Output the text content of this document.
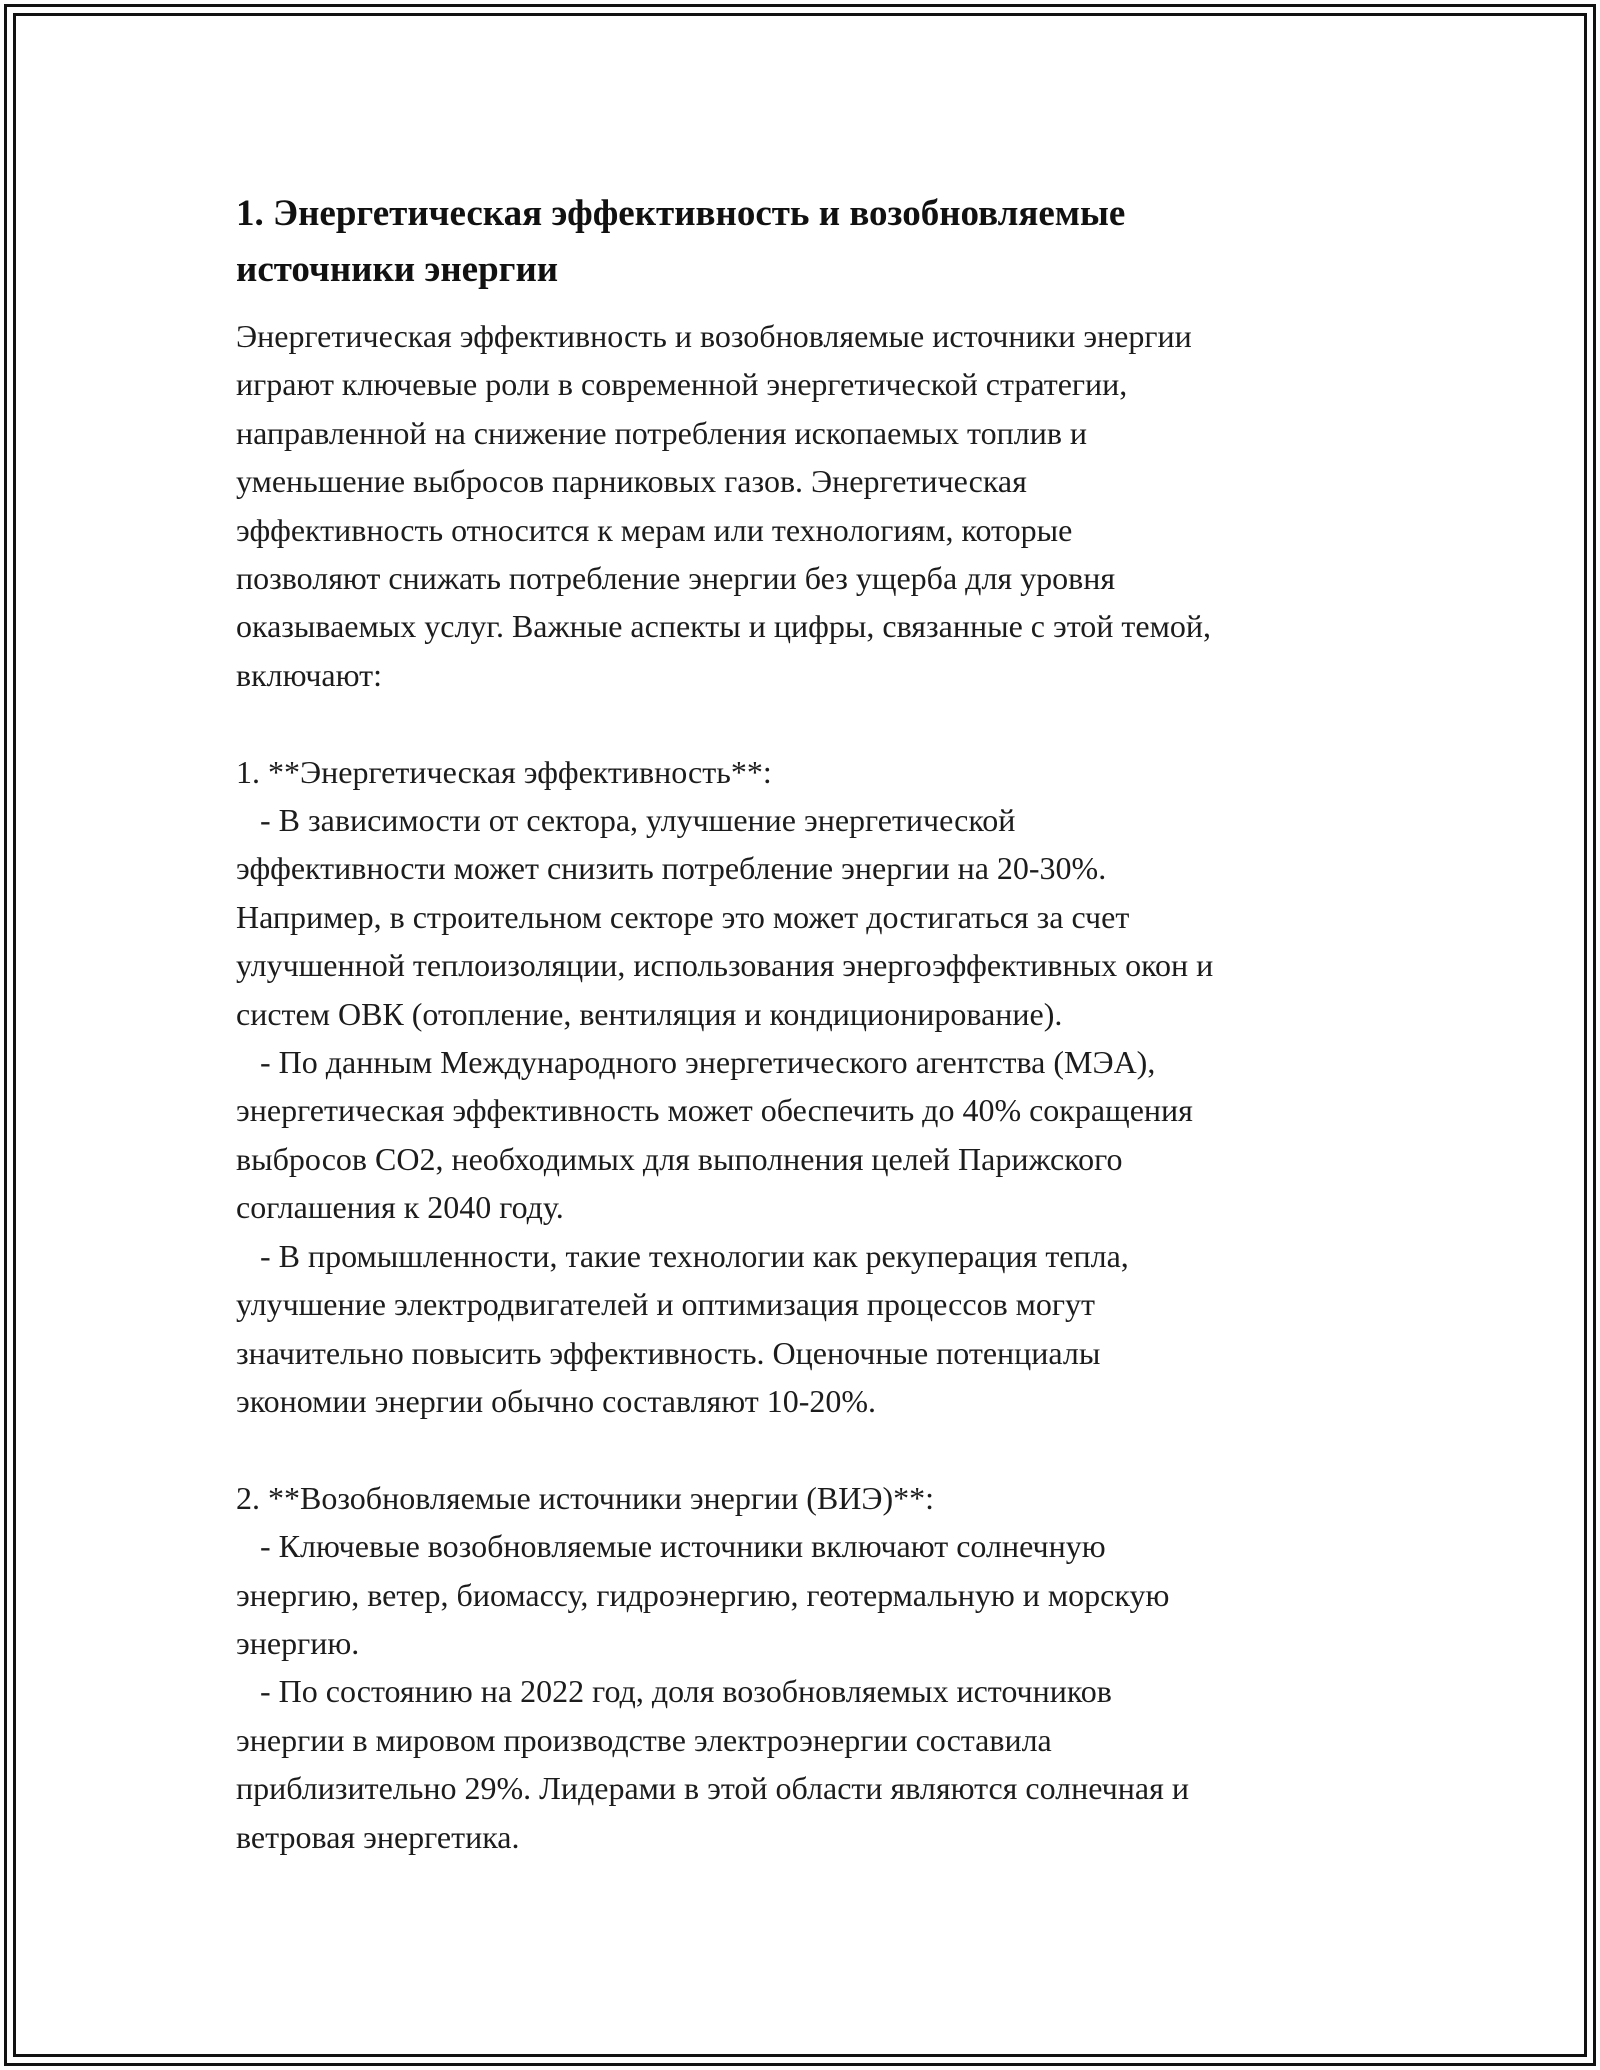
1. Энергетическая эффективность и возобновляемые
источники энергии
Энергетическая эффективность и возобновляемые источники энергии
играют ключевые роли в современной энергетической стратегии,
направленной на снижение потребления ископаемых топлив и
уменьшение выбросов парниковых газов. Энергетическая
эффективность относится к мерам или технологиям, которые
позволяют снижать потребление энергии без ущерба для уровня
оказываемых услуг. Важные аспекты и цифры, связанные с этой темой,
включают:
1. **Энергетическая эффективность**:
- В зависимости от сектора, улучшение энергетической
эффективности может снизить потребление энергии на 20-30%.
Например, в строительном секторе это может достигаться за счет
улучшенной теплоизоляции, использования энергоэффективных окон и
систем ОВК (отопление, вентиляция и кондиционирование).
- По данным Международного энергетического агентства (МЭА),
энергетическая эффективность может обеспечить до 40% сокращения
выбросов CO2, необходимых для выполнения целей Парижского
соглашения к 2040 году.
- В промышленности, такие технологии как рекуперация тепла,
улучшение электродвигателей и оптимизация процессов могут
значительно повысить эффективность. Оценочные потенциалы
экономии энергии обычно составляют 10-20%.
2. **Возобновляемые источники энергии (ВИЭ)**:
- Ключевые возобновляемые источники включают солнечную
энергию, ветер, биомассу, гидроэнергию, геотермальную и морскую
энергию.
- По состоянию на 2022 год, доля возобновляемых источников
энергии в мировом производстве электроэнергии составила
приблизительно 29%. Лидерами в этой области являются солнечная и
ветровая энергетика.
